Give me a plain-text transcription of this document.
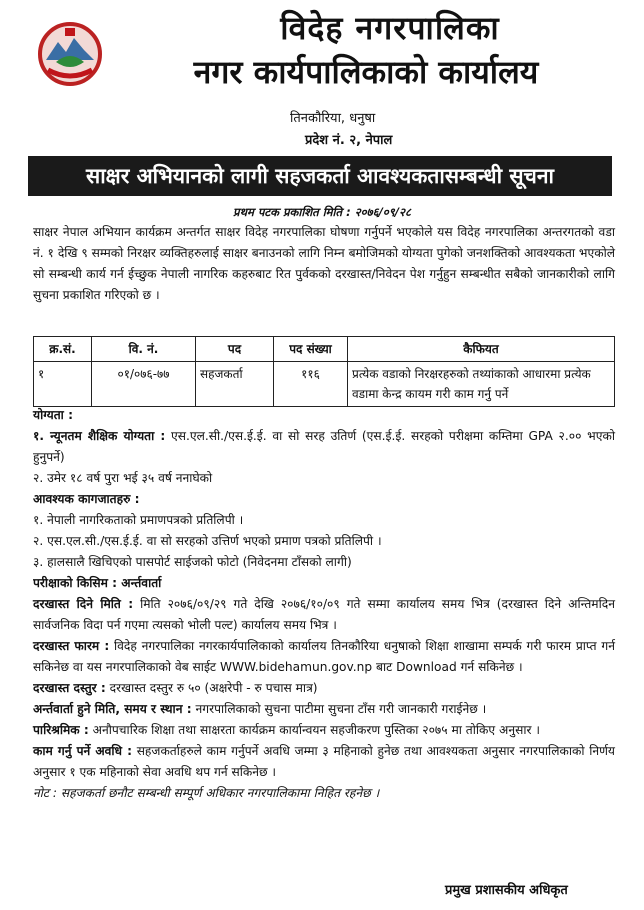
विदेह नगरपालिका
नगर कार्यपालिकाको कार्यालय
तिनकौरिया, धनुषा
प्रदेश नं. २, नेपाल
साक्षर अभियानको लागी सहजकर्ता आवश्यकतासम्बन्धी सूचना
प्रथम पटक प्रकाशित मिति : २०७६/०९/२८
साक्षर नेपाल अभियान कार्यक्रम अन्तर्गत साक्षर विदेह नगरपालिका घोषणा गर्नुपर्ने भएकोले यस विदेह नगरपालिका अन्तरगतको वडा नं. १ देखि ९ सम्मको निरक्षर व्यक्तिहरुलाई साक्षर बनाउनको लागि निम्न बमोजिमको योग्यता पुगेको जनशक्तिको आवश्यकता भएकोले सो सम्बन्धी कार्य गर्न ईच्छुक नेपाली नागरिक कहरुबाट रित पुर्वकको दरखास्त/निवेदन पेश गर्नुहुन सम्बन्धीत सबैको जानकारीको लागि सुचना प्रकाशित गरिएको छ ।
क्र.सं.	वि. नं.	पद	पद संख्या	कैफियत
१	०१/०७६-७७	सहजकर्ता	११६	प्रत्येक वडाको निरक्षरहरुको तथ्यांकाको आधारमा प्रत्येक वडामा केन्द्र कायम गरी काम गर्नु पर्ने
योग्यता :
१. न्यूनतम शैक्षिक योग्यता : एस.एल.सी./एस.ई.ई. वा सो सरह उतिर्ण (एस.ई.ई. सरहको परीक्षमा कम्तिमा GPA २.०० भएको हुनुपर्ने)
२. उमेर १८ वर्ष पुरा भई ३५ वर्ष ननाघेको
आवश्यक कागजातहरु :
१. नेपाली नागरिकताको प्रमाणपत्रको प्रतिलिपी ।
२. एस.एल.सी./एस.ई.ई. वा सो सरहको उत्तिर्ण भएको प्रमाण पत्रको प्रतिलिपी ।
३. हालसालै खिचिएको पासपोर्ट साईजको फोटो (निवेदनमा टाँसको लागी)
परीक्षाको किसिम : अर्न्तवार्ता
दरखास्त दिने मिति : मिति २०७६/०९/२९ गते देखि २०७६/१०/०९ गते सम्मा कार्यालय समय भित्र (दरखास्त दिने अन्तिमदिन सार्वजनिक विदा पर्न गएमा त्यसको भोली पल्ट) कार्यालय समय भित्र ।
दरखास्त फारम : विदेह नगरपालिका नगरकार्यपालिकाको कार्यालय तिनकौरिया धनुषाको शिक्षा शाखामा सम्पर्क गरी फारम प्राप्त गर्न सकिनेछ वा यस नगरपालिकाको वेब साईट WWW.bidehamun.gov.np बाट Download गर्न सकिनेछ ।
दरखास्त दस्तुर : दरखास्त दस्तुर रु ५० (अक्षरेपी - रु पचास मात्र)
अर्न्तवार्ता हुने मिति, समय र स्थान : नगरपालिकाको सुचना पाटीमा सुचना टाँस गरी जानकारी गराईनेछ ।
पारिश्रमिक : अनौपचारिक शिक्षा तथा साक्षरता कार्यक्रम कार्यान्वयन सहजीकरण पुस्तिका २०७५ मा तोकिए अनुसार ।
काम गर्नु पर्ने अवधि : सहजकर्ताहरुले काम गर्नुपर्ने अवधि जम्मा ३ महिनाको हुनेछ तथा आवश्यकता अनुसार नगरपालिकाको निर्णय अनुसार १ एक महिनाको सेवा अवधि थप गर्न सकिनेछ ।
नोट : सहजकर्ता छनौट सम्बन्धी सम्पूर्ण अधिकार नगरपालिकामा निहित रहनेछ ।
प्रमुख प्रशासकीय अधिकृत
